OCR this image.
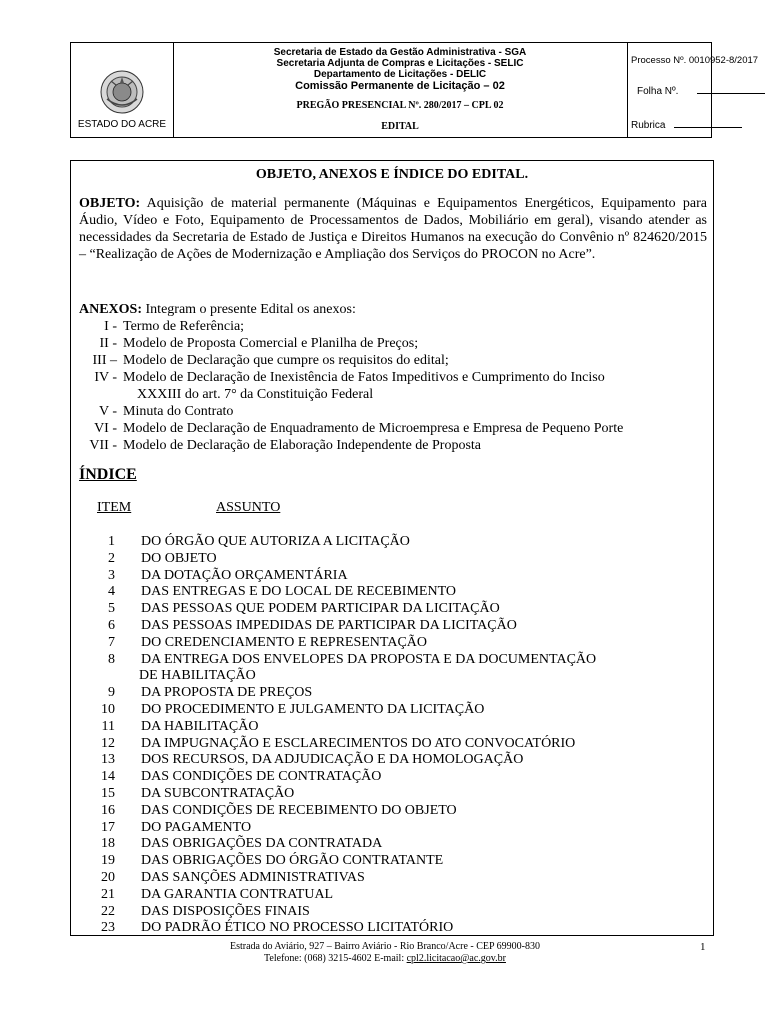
ESTADO DO ACRE
Secretaria de Estado da Gestão Administrativa - SGA
Secretaria Adjunta de Compras e Licitações - SELIC
Departamento de Licitações - DELIC
Comissão Permanente de Licitação – 02
PREGÃO PRESENCIAL Nº. 280/2017 – CPL 02
EDITAL
Processo Nº. 0010952-8/2017
Folha Nº.
Rubrica
OBJETO, ANEXOS E ÍNDICE DO EDITAL.
OBJETO: Aquisição de material permanente (Máquinas e Equipamentos Energéticos, Equipamento para Áudio, Vídeo e Foto, Equipamento de Processamentos de Dados, Mobiliário em geral), visando atender as necessidades da Secretaria de Estado de Justiça e Direitos Humanos na execução do Convênio nº 824620/2015 – “Realização de Ações de Modernização e Ampliação dos Serviços do PROCON no Acre”.
ANEXOS: Integram o presente Edital os anexos:
I - Termo de Referência;
II - Modelo de Proposta Comercial e Planilha de Preços;
III – Modelo de Declaração que cumpre os requisitos do edital;
IV - Modelo de Declaração de Inexistência de Fatos Impeditivos e Cumprimento do Inciso
XXXIII do art. 7° da Constituição Federal
V - Minuta do Contrato
VI - Modelo de Declaração de Enquadramento de Microempresa e Empresa de Pequeno Porte
VII - Modelo de Declaração de Elaboração Independente de Proposta
ÍNDICE
ITEM	ASSUNTO
1 DO ÓRGÃO QUE AUTORIZA A LICITAÇÃO
2 DO OBJETO
3 DA DOTAÇÃO ORÇAMENTÁRIA
4 DAS ENTREGAS E DO LOCAL DE RECEBIMENTO
5 DAS PESSOAS QUE PODEM PARTICIPAR DA LICITAÇÃO
6 DAS PESSOAS IMPEDIDAS DE PARTICIPAR DA LICITAÇÃO
7 DO CREDENCIAMENTO E REPRESENTAÇÃO
8 DA ENTREGA DOS ENVELOPES DA PROPOSTA E DA DOCUMENTAÇÃO
DE HABILITAÇÃO
9 DA PROPOSTA DE PREÇOS
10 DO PROCEDIMENTO E JULGAMENTO DA LICITAÇÃO
11 DA HABILITAÇÃO
12 DA IMPUGNAÇÃO E ESCLARECIMENTOS DO ATO CONVOCATÓRIO
13 DOS RECURSOS, DA ADJUDICAÇÃO E DA HOMOLOGAÇÃO
14 DAS CONDIÇÕES DE CONTRATAÇÃO
15 DA SUBCONTRATAÇÃO
16 DAS CONDIÇÕES DE RECEBIMENTO DO OBJETO
17 DO PAGAMENTO
18 DAS OBRIGAÇÕES DA CONTRATADA
19 DAS OBRIGAÇÕES DO ÓRGÃO CONTRATANTE
20 DAS SANÇÕES ADMINISTRATIVAS
21 DA GARANTIA CONTRATUAL
22 DAS DISPOSIÇÕES FINAIS
23 DO PADRÃO ÉTICO NO PROCESSO LICITATÓRIO
Estrada do Aviário, 927 – Bairro Aviário - Rio Branco/Acre - CEP 69900-830
Telefone: (068) 3215-4602 E-mail: cpl2.licitacao@ac.gov.br
1
